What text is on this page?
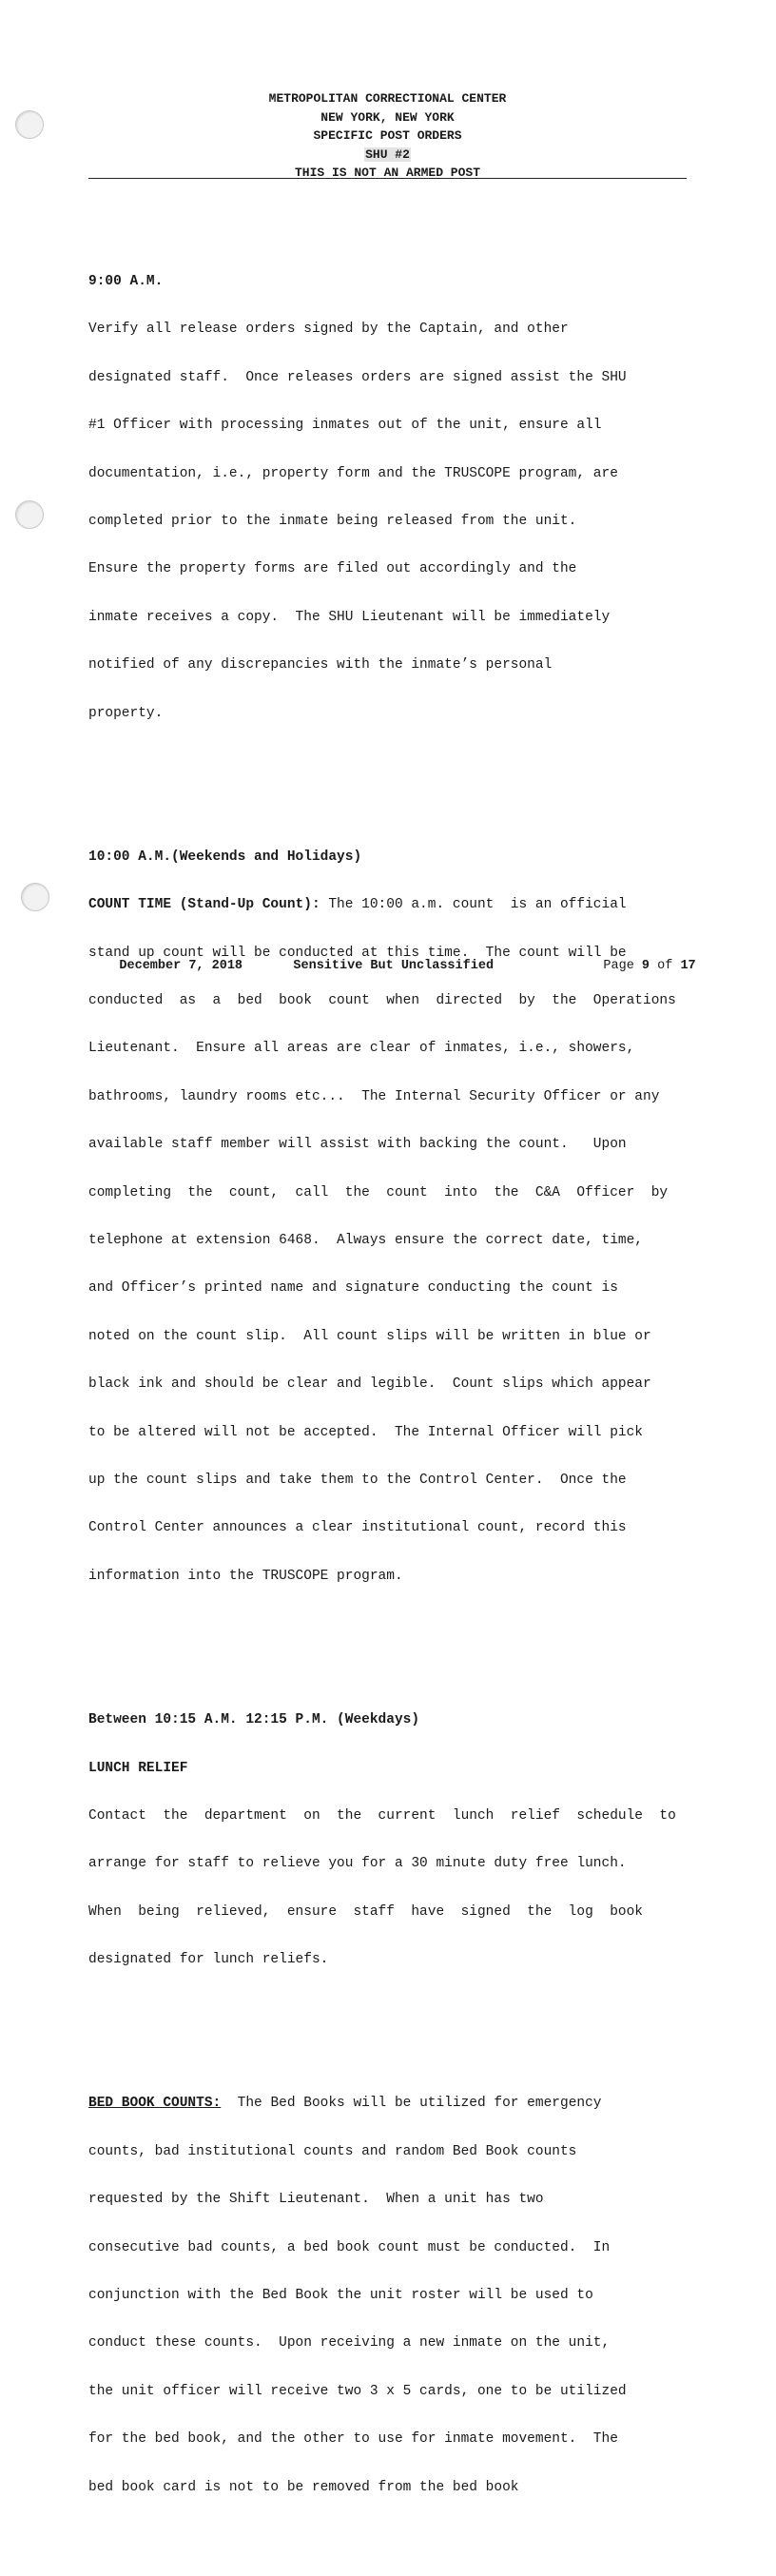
METROPOLITAN CORRECTIONAL CENTER
NEW YORK, NEW YORK
SPECIFIC POST ORDERS
SHU #2
THIS IS NOT AN ARMED POST

9:00 A.M.

Verify all release orders signed by the Captain, and other

designated staff.  Once releases orders are signed assist the SHU

#1 Officer with processing inmates out of the unit, ensure all

documentation, i.e., property form and the TRUSCOPE program, are

completed prior to the inmate being released from the unit.

Ensure the property forms are filed out accordingly and the

inmate receives a copy.  The SHU Lieutenant will be immediately

notified of any discrepancies with the inmate’s personal

property.

10:00 A.M.(Weekends and Holidays)

COUNT TIME (Stand-Up Count): The 10:00 a.m. count  is an official

stand up count will be conducted at this time.  The count will be

conducted  as  a  bed  book  count  when  directed  by  the  Operations

Lieutenant.  Ensure all areas are clear of inmates, i.e., showers,

bathrooms, laundry rooms etc...  The Internal Security Officer or any

available staff member will assist with backing the count.   Upon

completing  the  count,  call  the  count  into  the  C&A  Officer  by

telephone at extension 6468.  Always ensure the correct date, time,

and Officer’s printed name and signature conducting the count is

noted on the count slip.  All count slips will be written in blue or

black ink and should be clear and legible.  Count slips which appear

to be altered will not be accepted.  The Internal Officer will pick

up the count slips and take them to the Control Center.  Once the

Control Center announces a clear institutional count, record this

information into the TRUSCOPE program.

Between 10:15 A.M. 12:15 P.M. (Weekdays)

LUNCH RELIEF

Contact  the  department  on  the  current  lunch  relief  schedule  to

arrange for staff to relieve you for a 30 minute duty free lunch.

When  being  relieved,  ensure  staff  have  signed  the  log  book

designated for lunch reliefs.

BED BOOK COUNTS:  The Bed Books will be utilized for emergency

counts, bad institutional counts and random Bed Book counts

requested by the Shift Lieutenant.  When a unit has two

consecutive bad counts, a bed book count must be conducted.  In

conjunction with the Bed Book the unit roster will be used to

conduct these counts.  Upon receiving a new inmate on the unit,

the unit officer will receive two 3 x 5 cards, one to be utilized

for the bed book, and the other to use for inmate movement.  The

bed book card is not to be removed from the bed book

December 7, 2018	Sensitive But Unclassified	Page 9 of 17
